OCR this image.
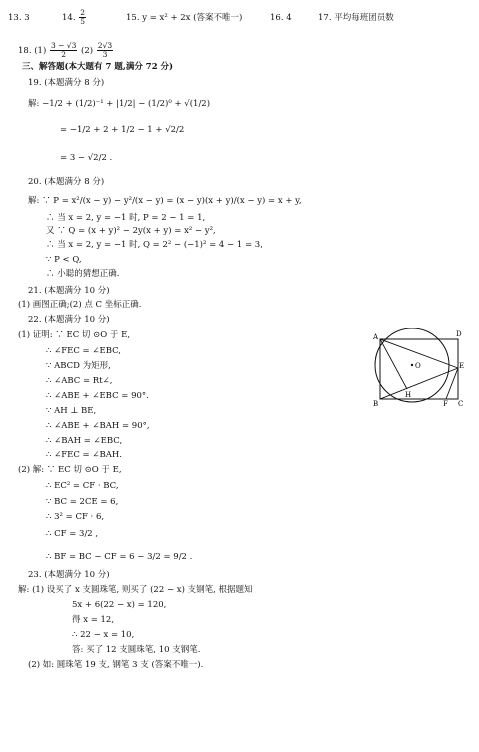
13. 3	14. $\frac{2}{5}$	15. y = x² + 2x (答案不唯一)	16. 4	17. 平均每班团员数
18. $(1) \frac{3 - √3}{2} (2) \frac{2√3}{3}$
三、解答题(本大题有 7 题,满分 72 分)
19. (本题满分 8 分)
解: −1/2 + (1/2)⁻¹ + |1/2| − (1/2)⁰ + √(1/2)
= −1/2 + 2 + 1/2 − 1 + √2/2
= 3 − √2/2 .
20. (本题满分 8 分)
解: ∵ P = x²/(x − y) − y²/(x − y) = (x − y)(x + y)/(x − y) = x + y,
∴ 当 x = 2, y = −1 时, P = 2 − 1 = 1,
又 ∵ Q = (x + y)² − 2y(x + y) = x² − y²,
∴ 当 x = 2, y = −1 时, Q = 2² − (−1)² = 4 − 1 = 3,
∵ P < Q,
∴ 小聪的猜想正确.
21. (本题满分 10 分)
(1) 画图正确;(2) 点 C 坐标正确.
22. (本题满分 10 分)
(1) 证明: ∵ EC 切 ⊙O 于 E,
∴ ∠FEC = ∠EBC,
∵ ABCD 为矩形,
∴ ∠ABC = Rt∠,
∴ ∠ABE + ∠EBC = 90°.
∵ AH ⊥ BE,
∴ ∠ABE + ∠BAH = 90°,
∴ ∠BAH = ∠EBC,
∴ ∠FEC = ∠BAH.
(2) 解: ∵ EC 切 ⊙O 于 E,
∴ EC² = CF · BC,
∵ BC = 2CE = 6,
∴ 3² = CF · 6,
∴ CF = 3/2 ,
∴ BF = BC − CF = 6 − 3/2 = 9/2 .
A	D
O	E
B
H
F C
23. (本题满分 10 分)
解: (1) 设买了 x 支圆珠笔, 则买了 (22 − x) 支钢笔, 根据题知
5x + 6(22 − x) = 120,
得 x = 12,
∴ 22 − x = 10,
答: 买了 12 支圆珠笔, 10 支钢笔.
(2) 如: 圆珠笔 19 支, 钢笔 3 支 (答案不唯一).
